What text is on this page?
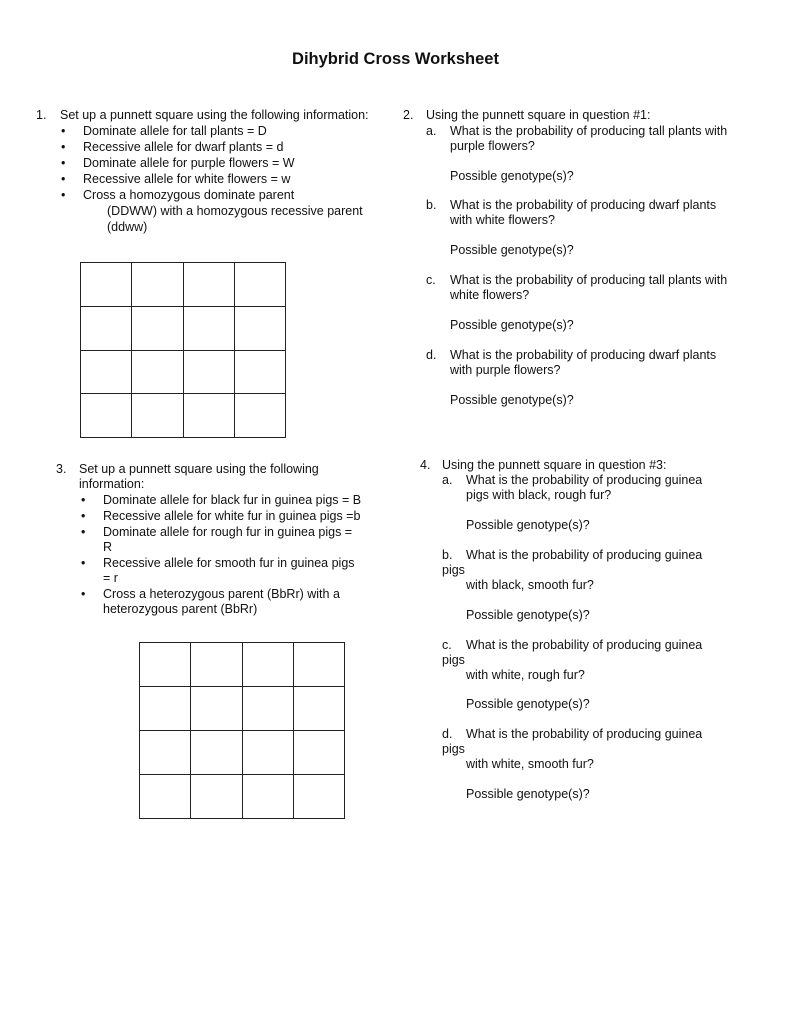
Dihybrid Cross Worksheet
1. Set up a punnett square using the following information:
• Dominate allele for tall plants = D
• Recessive allele for dwarf plants = d
• Dominate allele for purple flowers = W
• Recessive allele for white flowers = w
• Cross a homozygous dominate parent
(DDWW) with a homozygous recessive parent
(ddww)

2. Using the punnett square in question #1:
a. What is the probability of producing tall plants with
purple flowers?
Possible genotype(s)?
b. What is the probability of producing dwarf plants
with white flowers?
Possible genotype(s)?
c. What is the probability of producing tall plants with
white flowers?
Possible genotype(s)?
d. What is the probability of producing dwarf plants
with purple flowers?
Possible genotype(s)?
3. Set up a punnett square using the following
information:
• Dominate allele for black fur in guinea pigs = B
• Recessive allele for white fur in guinea pigs =b
• Dominate allele for rough fur in guinea pigs =
R
• Recessive allele for smooth fur in guinea pigs
= r
• Cross a heterozygous parent (BbRr) with a
heterozygous parent (BbRr)

4. Using the punnett square in question #3:
a. What is the probability of producing guinea
pigs with black, rough fur?
Possible genotype(s)?
b. What is the probability of producing guinea
pigs
with black, smooth fur?
Possible genotype(s)?
c. What is the probability of producing guinea
pigs
with white, rough fur?
Possible genotype(s)?
d. What is the probability of producing guinea
pigs
with white, smooth fur?
Possible genotype(s)?
